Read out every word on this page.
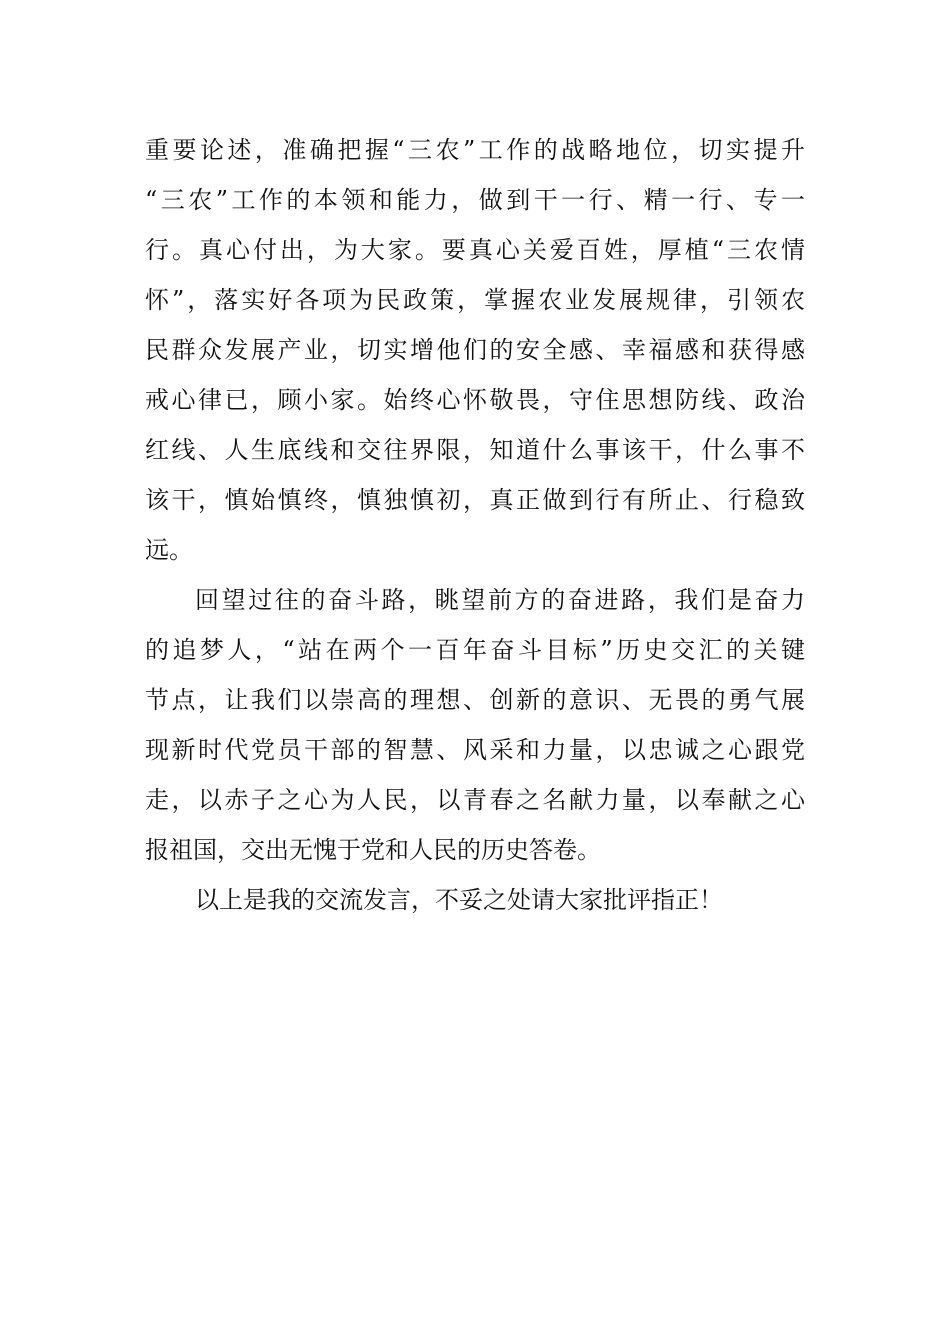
重要论述，准确把握“三农”工作的战略地位，切实提升
“三农”工作的本领和能力，做到干一行、精一行、专一
行。真心付出，为大家。要真心关爱百姓，厚植“三农情
怀”，落实好各项为民政策，掌握农业发展规律，引领农
民群众发展产业，切实增他们的安全感、幸福感和获得感
戒心律已，顾小家。始终心怀敬畏，守住思想防线、政治
红线、人生底线和交往界限，知道什么事该干，什么事不
该干，慎始慎终，慎独慎初，真正做到行有所止、行稳致
远。
回望过往的奋斗路，眺望前方的奋进路，我们是奋力
的追梦人，“站在两个一百年奋斗目标”历史交汇的关键
节点，让我们以崇高的理想、创新的意识、无畏的勇气展
现新时代党员干部的智慧、风采和力量，以忠诚之心跟党
走，以赤子之心为人民，以青春之名献力量，以奉献之心
报祖国，交出无愧于党和人民的历史答卷。
以上是我的交流发言，不妥之处请大家批评指正！
